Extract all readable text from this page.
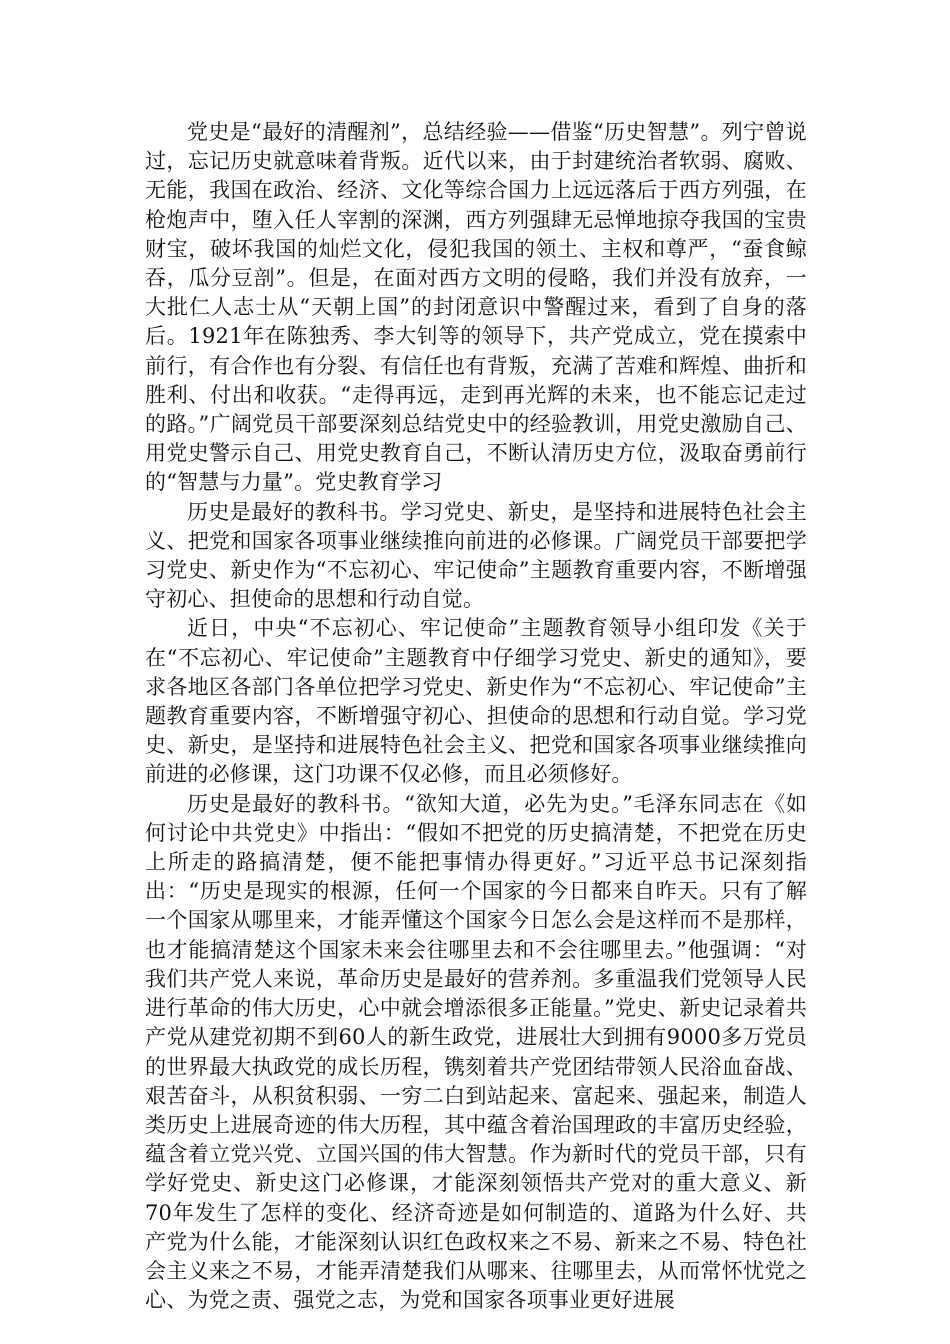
党史是“最好的清醒剂”，总结经验——借鉴“历史智慧”。列宁曾说过，忘记历史就意味着背叛。近代以来，由于封建统治者软弱、腐败、无能，我国在政治、经济、文化等综合国力上远远落后于西方列强，在枪炮声中，堕入任人宰割的深渊，西方列强肆无忌惮地掠夺我国的宝贵财宝，破坏我国的灿烂文化，侵犯我国的领土、主权和尊严，“蚕食鲸吞，瓜分豆剖”。但是，在面对西方文明的侵略，我们并没有放弃，一大批仁人志士从“天朝上国”的封闭意识中警醒过来，看到了自身的落后。1921年在陈独秀、李大钊等的领导下，共产党成立，党在摸索中前行，有合作也有分裂、有信任也有背叛，充满了苦难和辉煌、曲折和胜利、付出和收获。“走得再远，走到再光辉的未来，也不能忘记走过的路。”广阔党员干部要深刻总结党史中的经验教训，用党史激励自己、用党史警示自己、用党史教育自己，不断认清历史方位，汲取奋勇前行的“智慧与力量”。党史教育学习

历史是最好的教科书。学习党史、新史，是坚持和进展特色社会主义、把党和国家各项事业继续推向前进的必修课。广阔党员干部要把学习党史、新史作为“不忘初心、牢记使命”主题教育重要内容，不断增强守初心、担使命的思想和行动自觉。

近日，中央“不忘初心、牢记使命”主题教育领导小组印发《关于在“不忘初心、牢记使命”主题教育中仔细学习党史、新史的通知》，要求各地区各部门各单位把学习党史、新史作为“不忘初心、牢记使命”主题教育重要内容，不断增强守初心、担使命的思想和行动自觉。学习党史、新史，是坚持和进展特色社会主义、把党和国家各项事业继续推向前进的必修课，这门功课不仅必修，而且必须修好。

历史是最好的教科书。“欲知大道，必先为史。”毛泽东同志在《如何讨论中共党史》中指出：“假如不把党的历史搞清楚，不把党在历史上所走的路搞清楚，便不能把事情办得更好。”习近平总书记深刻指出：“历史是现实的根源，任何一个国家的今日都来自昨天。只有了解一个国家从哪里来，才能弄懂这个国家今日怎么会是这样而不是那样，也才能搞清楚这个国家未来会往哪里去和不会往哪里去。”他强调：“对我们共产党人来说，革命历史是最好的营养剂。多重温我们党领导人民进行革命的伟大历史，心中就会增添很多正能量。”党史、新史记录着共产党从建党初期不到60人的新生政党，进展壮大到拥有9000多万党员的世界最大执政党的成长历程，镌刻着共产党团结带领人民浴血奋战、艰苦奋斗，从积贫积弱、一穷二白到站起来、富起来、强起来，制造人类历史上进展奇迹的伟大历程，其中蕴含着治国理政的丰富历史经验，蕴含着立党兴党、立国兴国的伟大智慧。作为新时代的党员干部，只有学好党史、新史这门必修课，才能深刻领悟共产党对的重大意义、新70年发生了怎样的变化、经济奇迹是如何制造的、道路为什么好、共产党为什么能，才能深刻认识红色政权来之不易、新来之不易、特色社会主义来之不易，才能弄清楚我们从哪来、往哪里去，从而常怀忧党之心、为党之责、强党之志，为党和国家各项事业更好进展
